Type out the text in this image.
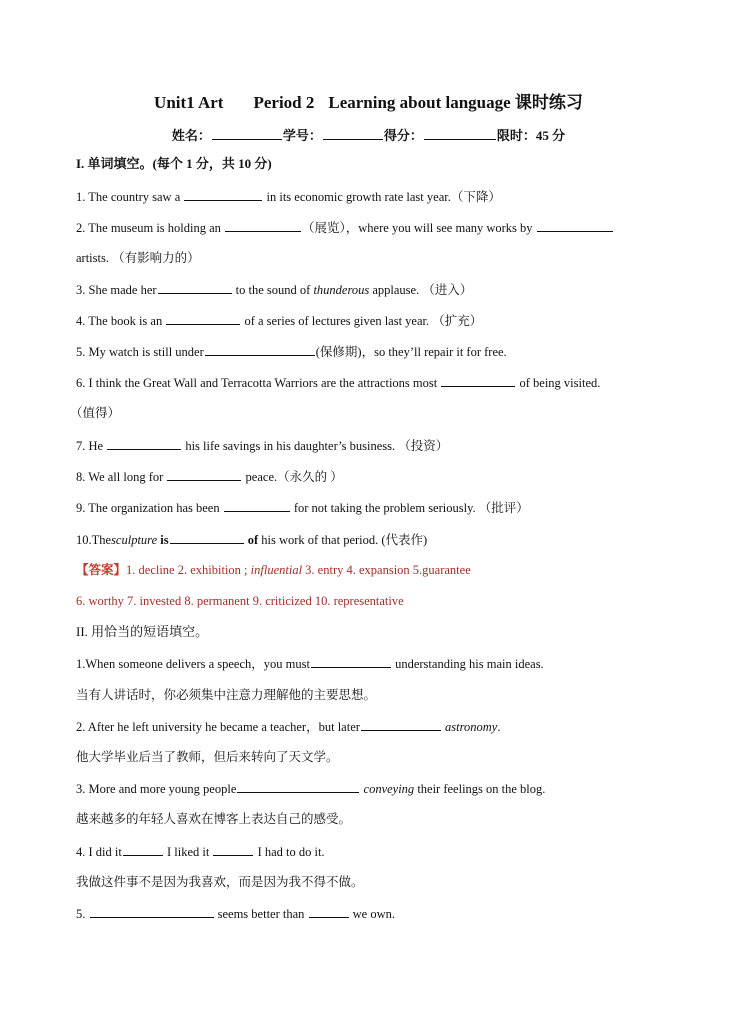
Unit1 Art Period 2 Learning about language 课时练习
姓名：	学号：	得分：	限时：45 分
I. 单词填空。(每个 1 分，共 10 分)
1. The country saw a	in its economic growth rate last year.（下降）
2. The museum is holding an	（展览），where you will see many works by
artists. （有影响力的）
3. She made her	to the sound of thunderous applause. （进入）
4. The book is an	of a series of lectures given last year. （扩充）
5. My watch is still under	(保修期)，so they’ll repair it for free.
6. I think the Great Wall and Terracotta Warriors are the attractions most	of being visited.
（值得）
7. He	his life savings in his daughter’s business. （投资）
8. We all long for	peace.（永久的 ）
9. The organization has been	for not taking the problem seriously. （批评）
10.Thesculpture is	of his work of that period. (代表作)
【答案】1. decline 2. exhibition ; influential 3. entry 4. expansion 5.guarantee
6. worthy 7. invested 8. permanent 9. criticized 10. representative
II. 用恰当的短语填空。
1.When someone delivers a speech，you must	understanding his main ideas.
当有人讲话时，你必须集中注意力理解他的主要思想。
2. After he left university he became a teacher，but later	astronomy.
他大学毕业后当了教师，但后来转向了天文学。
3. More and more young people	conveying their feelings on the blog.
越来越多的年轻人喜欢在博客上表达自己的感受。
4. I did it	I liked it	I had to do it.
我做这件事不是因为我喜欢，而是因为我不得不做。
5.	seems better than	we own.
